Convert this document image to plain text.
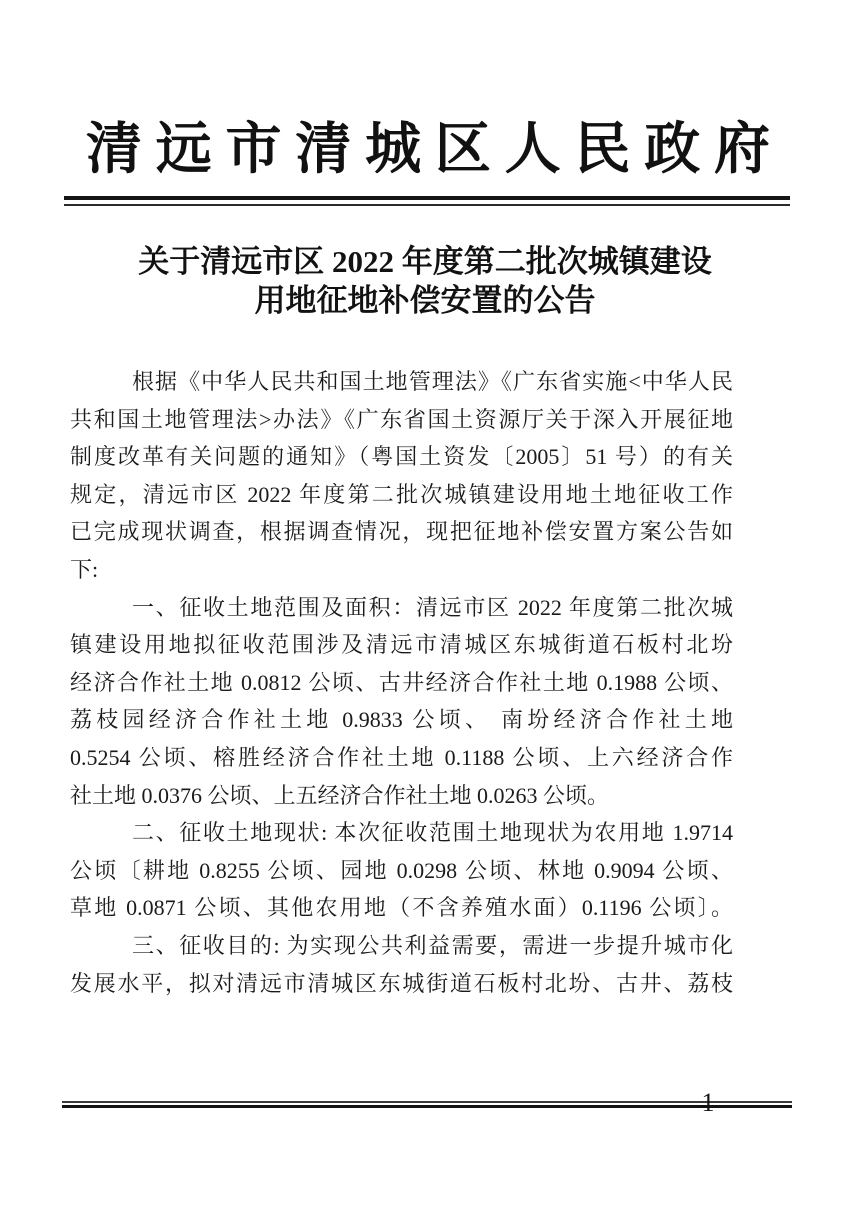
清远市清城区人民政府
关于清远市区 2022 年度第二批次城镇建设
用地征地补偿安置的公告
根据《中华人民共和国土地管理法》《广东省实施<中华人民
共和国土地管理法>办法》《广东省国土资源厅关于深入开展征地
制度改革有关问题的通知》（粤国土资发〔2005〕51 号）的有关
规定，清远市区 2022 年度第二批次城镇建设用地土地征收工作
已完成现状调查，根据调查情况，现把征地补偿安置方案公告如
下:
一、征收土地范围及面积：清远市区 2022 年度第二批次城
镇建设用地拟征收范围涉及清远市清城区东城街道石板村北坋
经济合作社土地 0.0812 公顷、古井经济合作社土地 0.1988 公顷、
荔枝园经济合作社土地 0.9833 公顷、 南坋经济合作社土地
0.5254 公顷、榕胜经济合作社土地 0.1188 公顷、上六经济合作
社土地 0.0376 公顷、上五经济合作社土地 0.0263 公顷。
二、征收土地现状: 本次征收范围土地现状为农用地 1.9714
公顷〔耕地 0.8255 公顷、园地 0.0298 公顷、林地 0.9094 公顷、
草地 0.0871 公顷、其他农用地（不含养殖水面）0.1196 公顷〕。
三、征收目的: 为实现公共利益需要，需进一步提升城市化
发展水平，拟对清远市清城区东城街道石板村北坋、古井、荔枝
1
